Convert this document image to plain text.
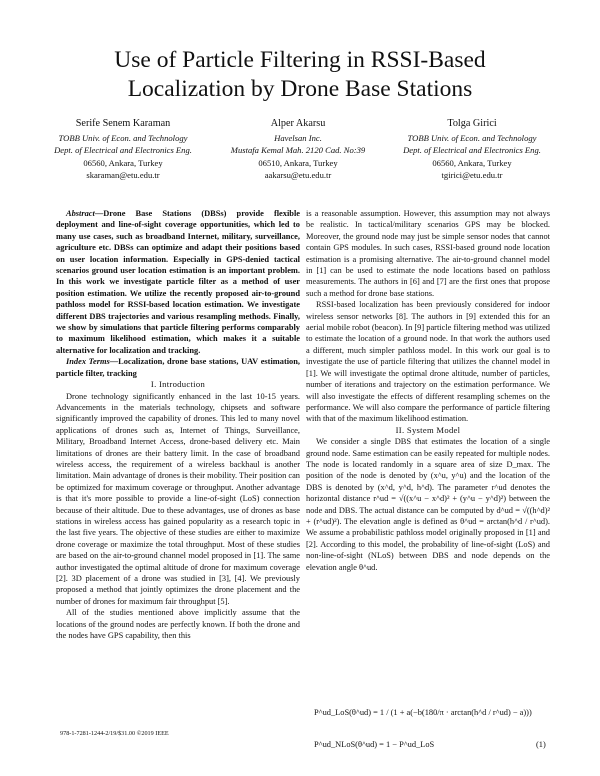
Use of Particle Filtering in RSSI-Based
Localization by Drone Base Stations
Serife Senem Karaman
TOBB Univ. of Econ. and Technology
Dept. of Electrical and Electronics Eng.
06560, Ankara, Turkey
skaraman@etu.edu.tr
Alper Akarsu
Havelsan Inc.
Mustafa Kemal Mah. 2120 Cad. No:39
06510, Ankara, Turkey
aakarsu@etu.edu.tr
Tolga Girici
TOBB Univ. of Econ. and Technology
Dept. of Electrical and Electronics Eng.
06560, Ankara, Turkey
tgirici@etu.edu.tr

Abstract—Drone Base Stations (DBSs) provide flexible deployment and line-of-sight coverage opportunities, which led to many use cases, such as broadband Internet, military, surveillance, agriculture etc. DBSs can optimize and adapt their positions based on user location information. Especially in GPS-denied tactical scenarios ground user location estimation is an important problem. In this work we investigate particle filter as a method of user position estimation. We utilize the recently proposed air-to-ground pathloss model for RSSI-based location estimation. We investigate different DBS trajectories and various resampling methods. Finally, we show by simulations that particle filtering performs comparably to maximum likelihood estimation, which makes it a suitable alternative for localization and tracking.

Index Terms—Localization, drone base stations, UAV estimation, particle filter, tracking

I. Introduction

Drone technology significantly enhanced in the last 10-15 years. Advancements in the materials technology, chipsets and software significantly improved the capability of drones. This led to many novel applications of drones such as, Internet of Things, Surveillance, Military, Broadband Internet Access, drone-based delivery etc. Main limitations of drones are their battery limit. In the case of broadband wireless access, the requirement of a wireless backhaul is another limitation. Main advantage of drones is their mobility. Their position can be optimized for maximum coverage or throughput. Another advantage is that it's more possible to provide a line-of-sight (LoS) connection because of their altitude. Due to these advantages, use of drones as base stations in wireless access has gained popularity as a research topic in the last five years. The objective of these studies are either to maximize drone coverage or maximize the total throughput. Most of these studies are based on the air-to-ground channel model proposed in [1]. The same author investigated the optimal altitude of drone for maximum coverage [2]. 3D placement of a drone was studied in [3], [4]. We previously proposed a method that jointly optimizes the drone placement and the number of drones for maximum fair throughput [5].

All of the studies mentioned above implicitly assume that the locations of the ground nodes are perfectly known. If both the drone and the nodes have GPS capability, then this

is a reasonable assumption. However, this assumption may not always be realistic. In tactical/military scenarios GPS may be blocked. Moreover, the ground node may just be simple sensor nodes that cannot contain GPS modules. In such cases, RSSI-based ground node location estimation is a promising alternative. The air-to-ground channel model in [1] can be used to estimate the node locations based on pathloss measurements. The authors in [6] and [7] are the first ones that propose such a method for drone base stations.

RSSI-based localization has been previously considered for indoor wireless sensor networks [8]. The authors in [9] extended this for an aerial mobile robot (beacon). In [9] particle filtering method was utilized to estimate the location of a ground node. In that work the authors used a different, much simpler pathloss model. In this work our goal is to investigate the use of particle filtering that utilizes the channel model in [1]. We will investigate the optimal drone altitude, number of particles, number of iterations and trajectory on the estimation performance. We will also investigate the effects of different resampling schemes on the performance. We will also compare the performance of particle filtering with that of the maximum likelihood estimation.

II. System Model

We consider a single DBS that estimates the location of a single ground node. Same estimation can be easily repeated for multiple nodes. The node is located randomly in a square area of size D_max. The position of the node is denoted by (x^u, y^u) and the location of the DBS is denoted by (x^d, y^d, h^d). The parameter r^ud denotes the horizontal distance r^ud = √((x^u − x^d)² + (y^u − y^d)²) between the node and DBS. The actual distance can be computed by d^ud = √((h^d)² + (r^ud)²). The elevation angle is defined as θ^ud = arctan(h^d / r^ud). We assume a probabilistic pathloss model originally proposed in [1] and [2]. According to this model, the probability of line-of-sight (LoS) and non-line-of-sight (NLoS) between DBS and node depends on the elevation angle θ^ud.

P^ud_LoS(θ^ud) = 1 / (1 + a(−b(180/π · arctan(h^d / r^ud) − a)))
P^ud_NLoS(θ^ud) = 1 − P^ud_LoS	(1)
978-1-7281-1244-2/19/$31.00 ©2019 IEEE
